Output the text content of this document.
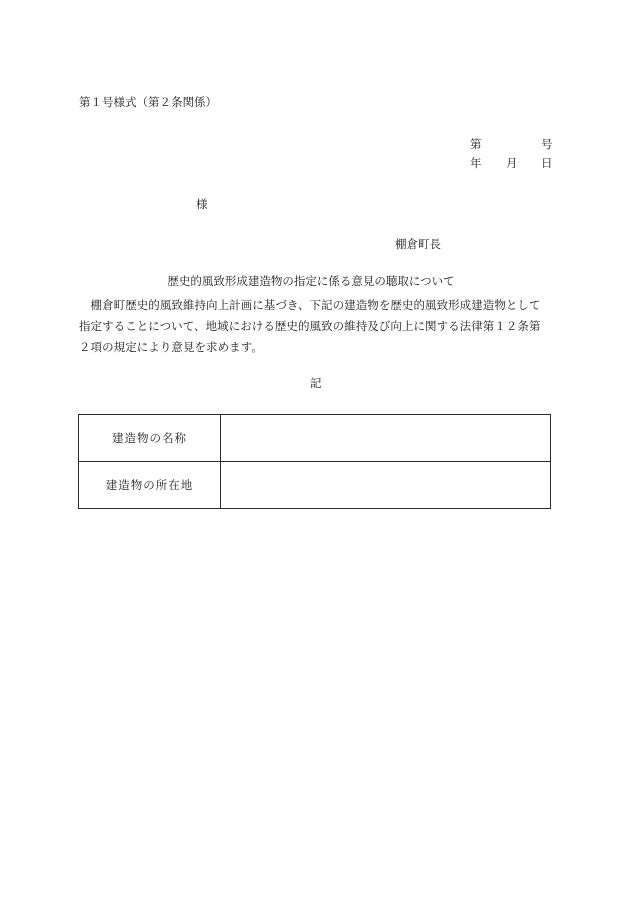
第１号様式（第２条関係）
第	号
年 月 日
様
棚倉町長
歴史的風致形成建造物の指定に係る意見の聴取について
　棚倉町歴史的風致維持向上計画に基づき、下記の建造物を歴史的風致形成建造物として
指定することについて、地域における歴史的風致の維持及び向上に関する法律第１２条第
２項の規定により意見を求めます。
記
建造物の名称	
建造物の所在地	
